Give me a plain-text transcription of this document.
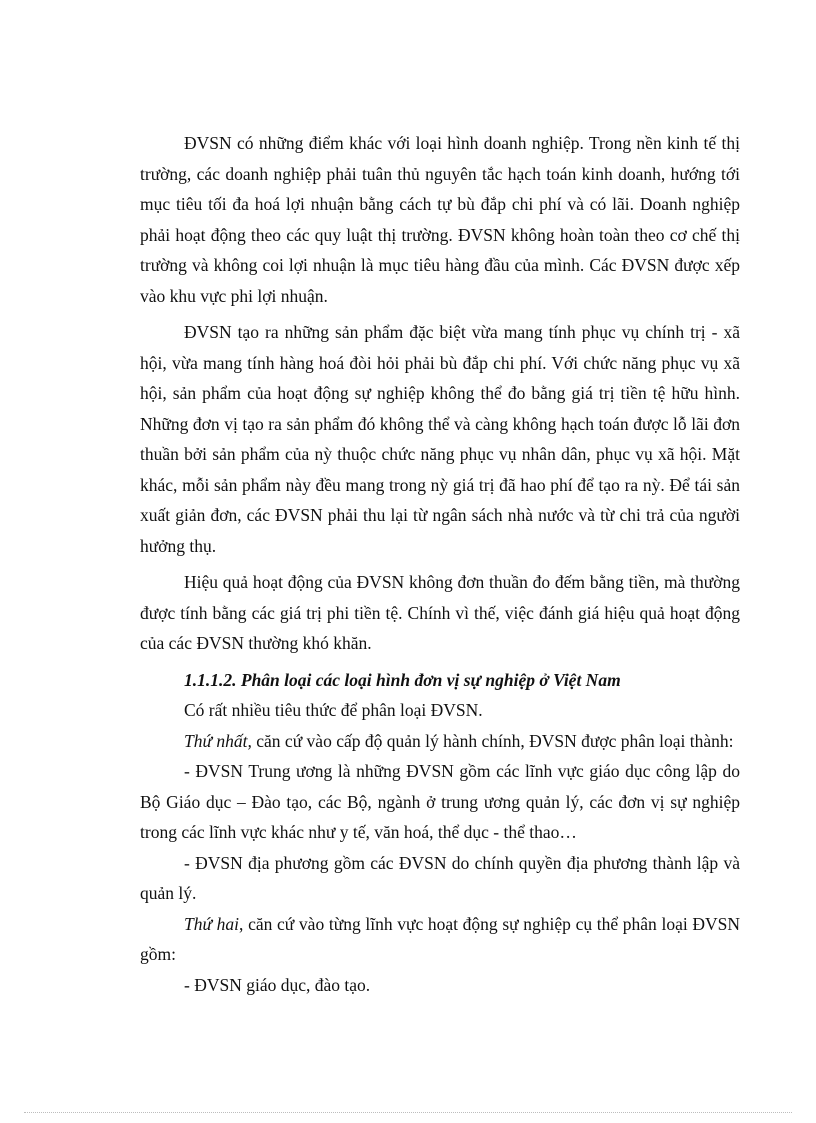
ĐVSN có những điểm khác với loại hình doanh nghiệp. Trong nền kinh tế thị trường, các doanh nghiệp phải tuân thủ nguyên tắc hạch toán kinh doanh, hướng tới mục tiêu tối đa hoá lợi nhuận bằng cách tự bù đắp chi phí và có lãi. Doanh nghiệp phải hoạt động theo các quy luật thị trường. ĐVSN không hoàn toàn theo cơ chế thị trường và không coi lợi nhuận là mục tiêu hàng đầu của mình. Các ĐVSN được xếp vào khu vực phi lợi nhuận.

ĐVSN tạo ra những sản phẩm đặc biệt vừa mang tính phục vụ chính trị - xã hội, vừa mang tính hàng hoá đòi hỏi phải bù đắp chi phí. Với chức năng phục vụ xã hội, sản phẩm của hoạt động sự nghiệp không thể đo bằng giá trị tiền tệ hữu hình. Những đơn vị tạo ra sản phẩm đó không thể và càng không hạch toán được lỗ lãi đơn thuần bởi sản phẩm của nỳ thuộc chức năng phục vụ nhân dân, phục vụ xã hội. Mặt khác, mỗi sản phẩm này đều mang trong nỳ giá trị đã hao phí để tạo ra nỳ. Để tái sản xuất giản đơn, các ĐVSN phải thu lại từ ngân sách nhà nước và từ chi trả của người hưởng thụ.

Hiệu quả hoạt động của ĐVSN không đơn thuần đo đếm bằng tiền, mà thường được tính bằng các giá trị phi tiền tệ. Chính vì thế, việc đánh giá hiệu quả hoạt động của các ĐVSN thường khó khăn.

1.1.1.2. Phân loại các loại hình đơn vị sự nghiệp ở Việt Nam

Có rất nhiều tiêu thức để phân loại ĐVSN.

Thứ nhất, căn cứ vào cấp độ quản lý hành chính, ĐVSN được phân loại thành:

- ĐVSN Trung ương là những ĐVSN gồm các lĩnh vực giáo dục công lập do Bộ Giáo dục – Đào tạo, các Bộ, ngành ở trung ương quản lý, các đơn vị sự nghiệp trong các lĩnh vực khác như y tế, văn hoá, thể dục - thể thao…

- ĐVSN địa phương gồm các ĐVSN do chính quyền địa phương thành lập và quản lý.

Thứ hai, căn cứ vào từng lĩnh vực hoạt động sự nghiệp cụ thể phân loại ĐVSN gồm:

- ĐVSN giáo dục, đào tạo.
